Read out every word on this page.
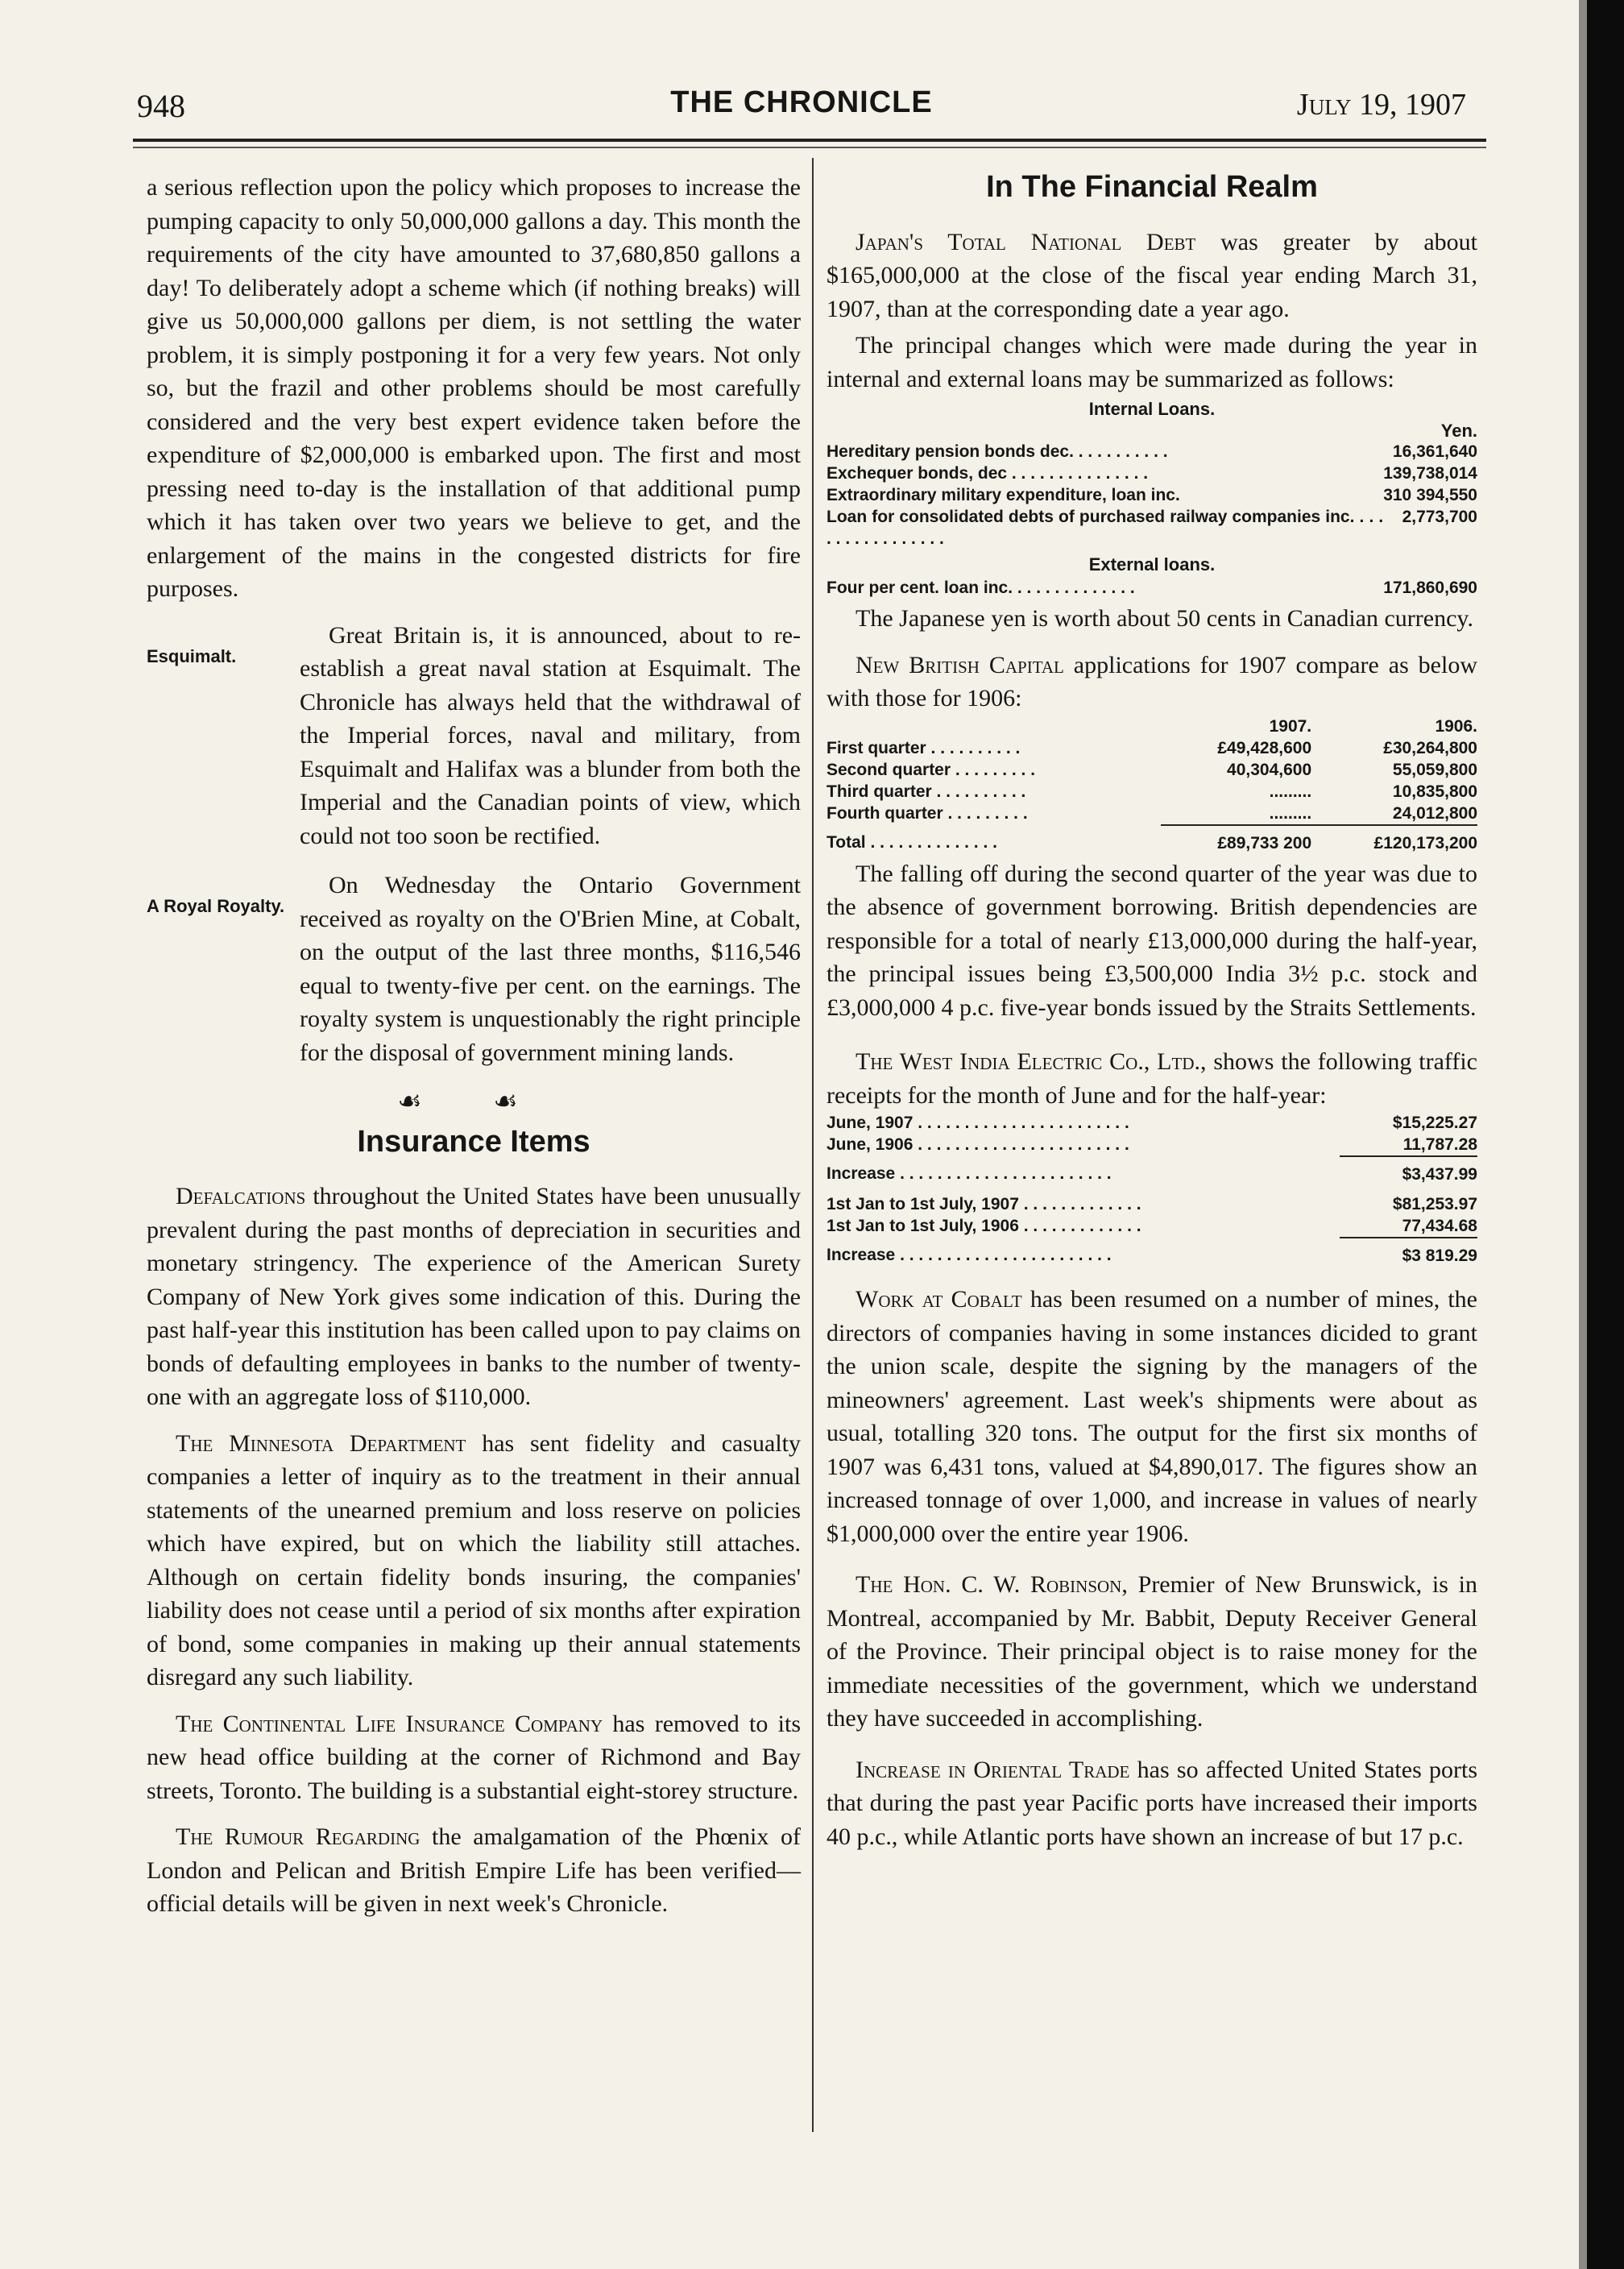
948	THE CHRONICLE	July 19, 1907

a serious reflection upon the policy which proposes to increase the pumping capacity to only 50,000,000 gallons a day. This month the requirements of the city have amounted to 37,680,850 gallons a day! To deliberately adopt a scheme which (if nothing breaks) will give us 50,000,000 gallons per diem, is not settling the water problem, it is simply postponing it for a very few years. Not only so, but the frazil and other problems should be most carefully considered and the very best expert evidence taken before the expenditure of $2,000,000 is embarked upon. The first and most pressing need to-day is the installation of that additional pump which it has taken over two years we believe to get, and the enlargement of the mains in the congested districts for fire purposes.

Esquimalt.
Great Britain is, it is announced, about to re-establish a great naval station at Esquimalt. The Chronicle has always held that the withdrawal of the Imperial forces, naval and military, from Esquimalt and Halifax was a blunder from both the Imperial and the Canadian points of view, which could not too soon be rectified.
A Royal Royalty.
On Wednesday the Ontario Government received as royalty on the O'Brien Mine, at Cobalt, on the output of the last three months, $116,546 equal to twenty-five per cent. on the earnings. The royalty system is unquestionably the right principle for the disposal of government mining lands.
☙ ☙
Insurance Items

Defalcations throughout the United States have been unusually prevalent during the past months of depreciation in securities and monetary stringency. The experience of the American Surety Company of New York gives some indication of this. During the past half-year this institution has been called upon to pay claims on bonds of defaulting employees in banks to the number of twenty-one with an aggregate loss of $110,000.

The Minnesota Department has sent fidelity and casualty companies a letter of inquiry as to the treatment in their annual statements of the unearned premium and loss reserve on policies which have expired, but on which the liability still attaches. Although on certain fidelity bonds insuring, the companies' liability does not cease until a period of six months after expiration of bond, some companies in making up their annual statements disregard any such liability.

The Continental Life Insurance Company has removed to its new head office building at the corner of Richmond and Bay streets, Toronto. The building is a substantial eight-storey structure.

The Rumour Regarding the amalgamation of the Phœnix of London and Pelican and British Empire Life has been verified—official details will be given in next week's Chronicle.

In The Financial Realm

Japan's Total National Debt was greater by about $165,000,000 at the close of the fiscal year ending March 31, 1907, than at the corresponding date a year ago.

The principal changes which were made during the year in internal and external loans may be summarized as follows:

Internal Loans.
Yen.
Hereditary pension bonds dec. . . . . . . . . . .	16,361,640
Exchequer bonds, dec . . . . . . . . . . . . . . .	139,738,014
Extraordinary military expenditure, loan inc.	310 394,550
Loan for consolidated debts of purchased railway companies inc. . . . . . . . . . . . . . . . .	2,773,700
External loans.
Four per cent. loan inc. . . . . . . . . . . . . .	171,860,690

The Japanese yen is worth about 50 cents in Canadian currency.

New British Capital applications for 1907 compare as below with those for 1906:

	1907.	1906.
First quarter . . . . . . . . . .	£49,428,600	£30,264,800
Second quarter . . . . . . . . .	40,304,600	55,059,800
Third quarter . . . . . . . . . .	.........	10,835,800
Fourth quarter . . . . . . . . .	.........	24,012,800
Total . . . . . . . . . . . . . .	£89,733 200	£120,173,200

The falling off during the second quarter of the year was due to the absence of government borrowing. British dependencies are responsible for a total of nearly £13,000,000 during the half-year, the principal issues being £3,500,000 India 3½ p.c. stock and £3,000,000 4 p.c. five-year bonds issued by the Straits Settlements.

The West India Electric Co., Ltd., shows the following traffic receipts for the month of June and for the half-year:

June, 1907 . . . . . . . . . . . . . . . . . . . . . . .	$15,225.27
June, 1906 . . . . . . . . . . . . . . . . . . . . . . .	11,787.28
Increase . . . . . . . . . . . . . . . . . . . . . . .	$3,437.99

1st Jan to 1st July, 1907 . . . . . . . . . . . . .	$81,253.97
1st Jan to 1st July, 1906 . . . . . . . . . . . . .	77,434.68
Increase . . . . . . . . . . . . . . . . . . . . . . .	$3 819.29

Work at Cobalt has been resumed on a number of mines, the directors of companies having in some instances dicided to grant the union scale, despite the signing by the managers of the mineowners' agreement. Last week's shipments were about as usual, totalling 320 tons. The output for the first six months of 1907 was 6,431 tons, valued at $4,890,017. The figures show an increased tonnage of over 1,000, and increase in values of nearly $1,000,000 over the entire year 1906.

The Hon. C. W. Robinson, Premier of New Brunswick, is in Montreal, accompanied by Mr. Babbit, Deputy Receiver General of the Province. Their principal object is to raise money for the immediate necessities of the government, which we understand they have succeeded in accomplishing.

Increase in Oriental Trade has so affected United States ports that during the past year Pacific ports have increased their imports 40 p.c., while Atlantic ports have shown an increase of but 17 p.c.
